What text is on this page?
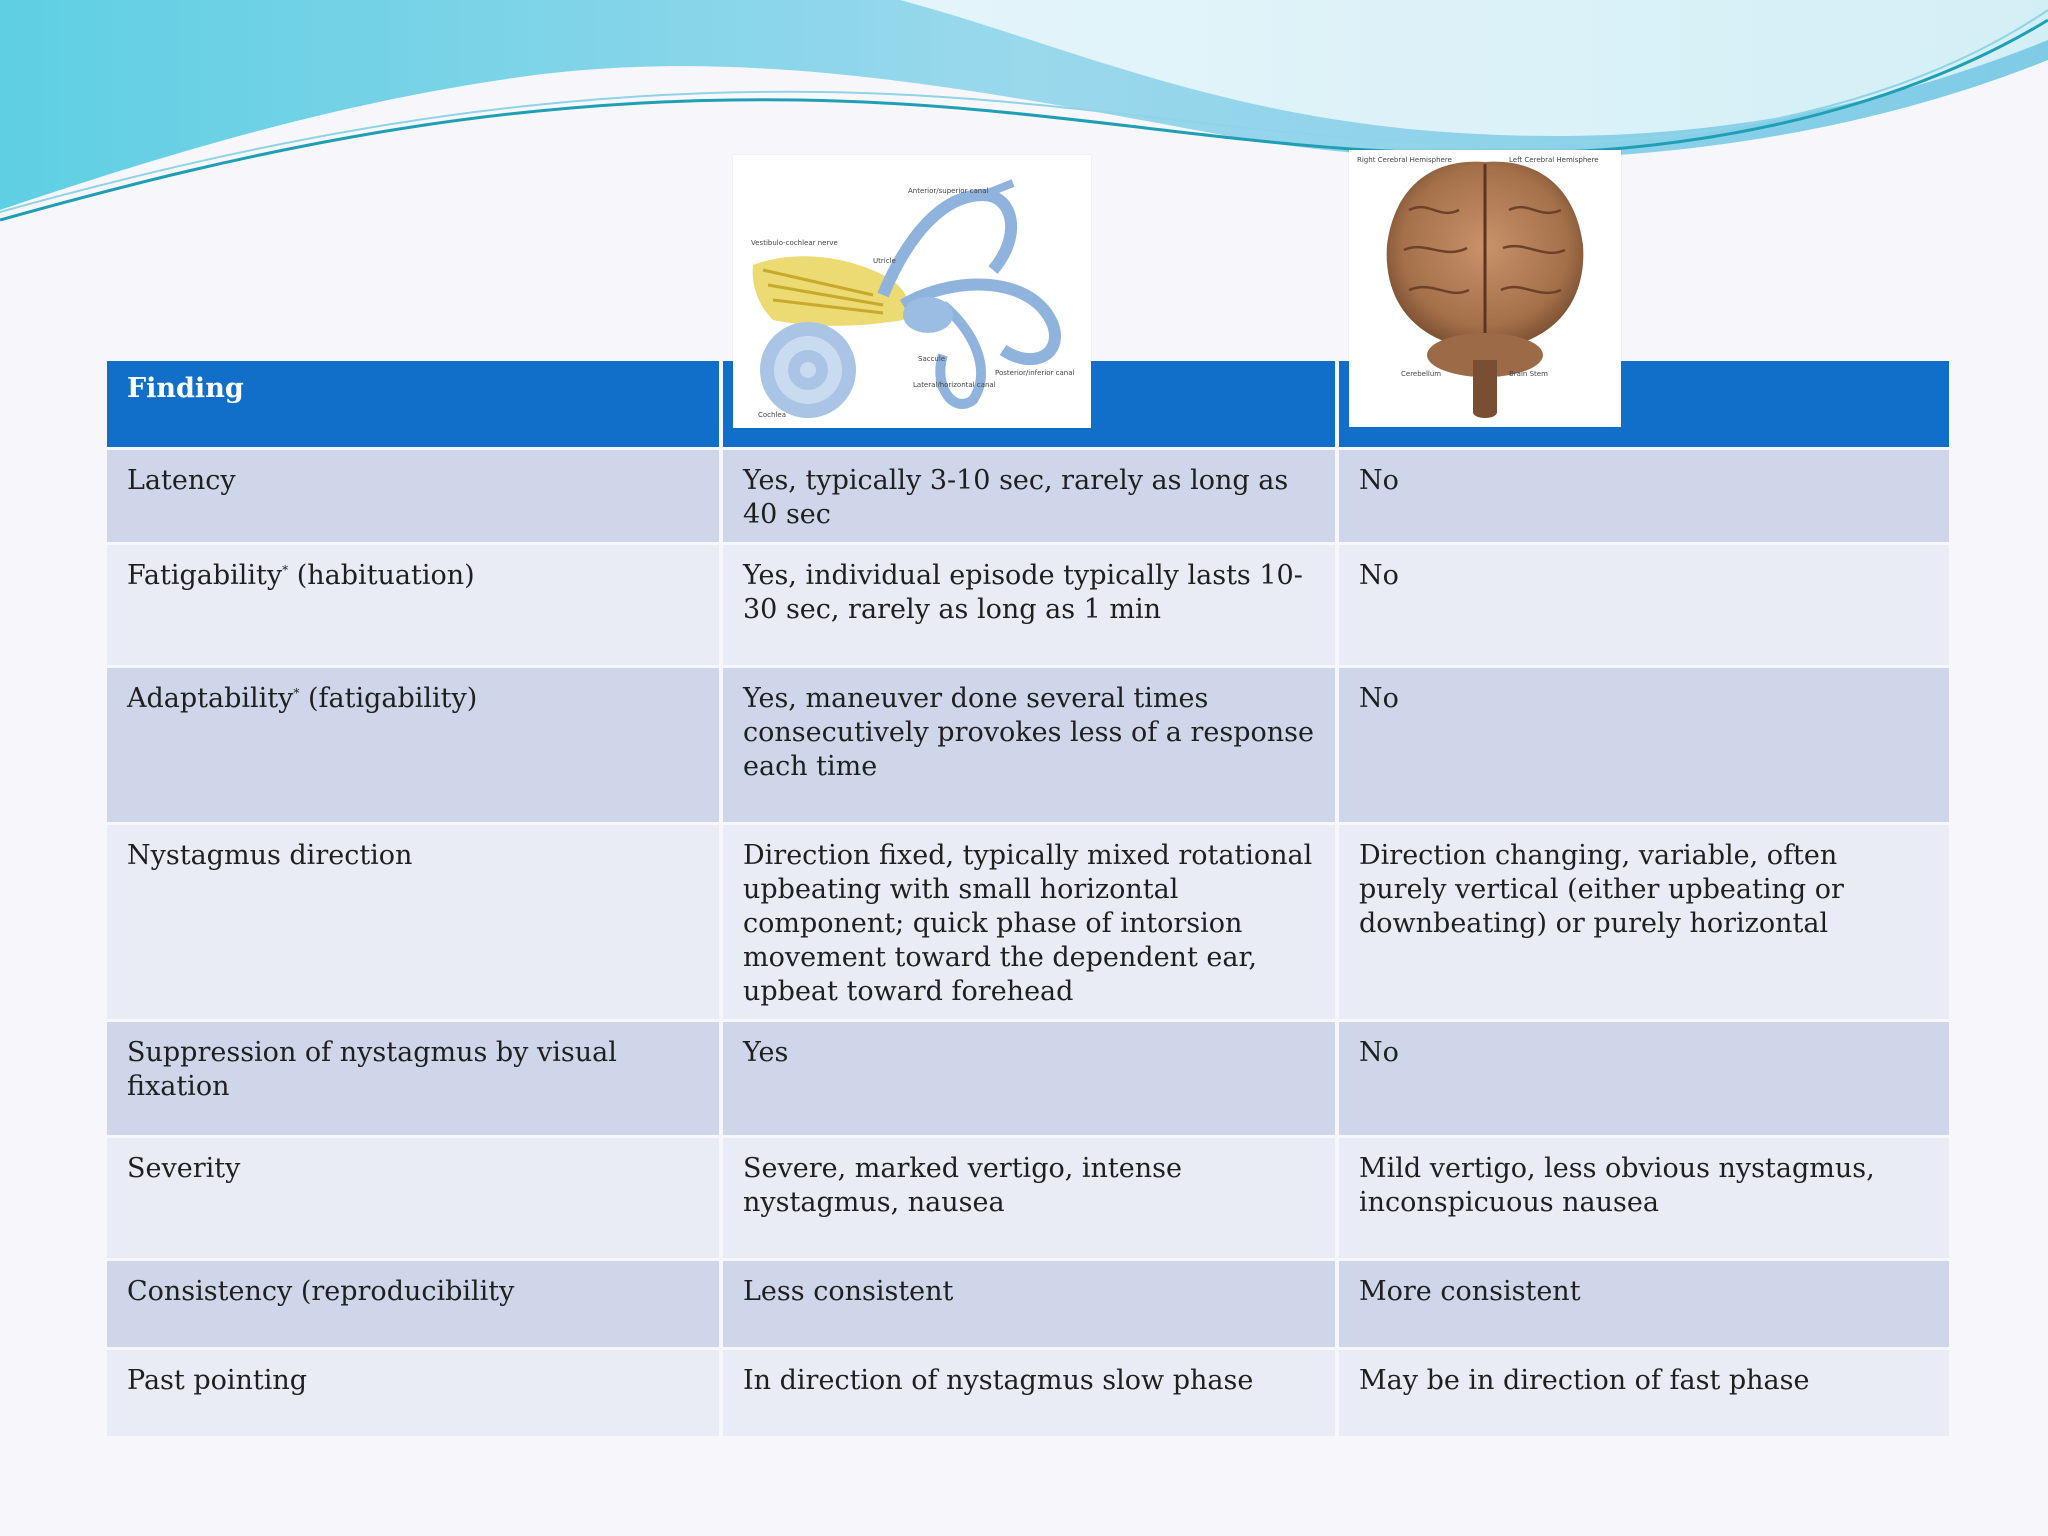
Anterior/superior canal
Vestibulo-cochlear nerve
Utricle
Saccule
Lateral/horizontal canal
Posterior/inferior canal
Cochlea
Right Cerebral Hemisphere	Left Cerebral Hemisphere
Cerebellum	Brain Stem
Finding		
Latency	Yes, typically 3-10 sec, rarely as long as 40 sec	No
Fatigability* (habituation)	Yes, individual episode typically lasts 10-30 sec, rarely as long as 1 min	No
Adaptability* (fatigability)	Yes, maneuver done several times consecutively provokes less of a response each time	No
Nystagmus direction	Direction fixed, typically mixed rotational upbeating with small horizontal component; quick phase of intorsion movement toward the dependent ear, upbeat toward forehead	Direction changing, variable, often purely vertical (either upbeating or downbeating) or purely horizontal
Suppression of nystagmus by visual fixation	Yes	No
Severity	Severe, marked vertigo, intense nystagmus, nausea	Mild vertigo, less obvious nystagmus, inconspicuous nausea
Consistency (reproducibility	Less consistent	More consistent
Past pointing	In direction of nystagmus slow phase	May be in direction of fast phase
